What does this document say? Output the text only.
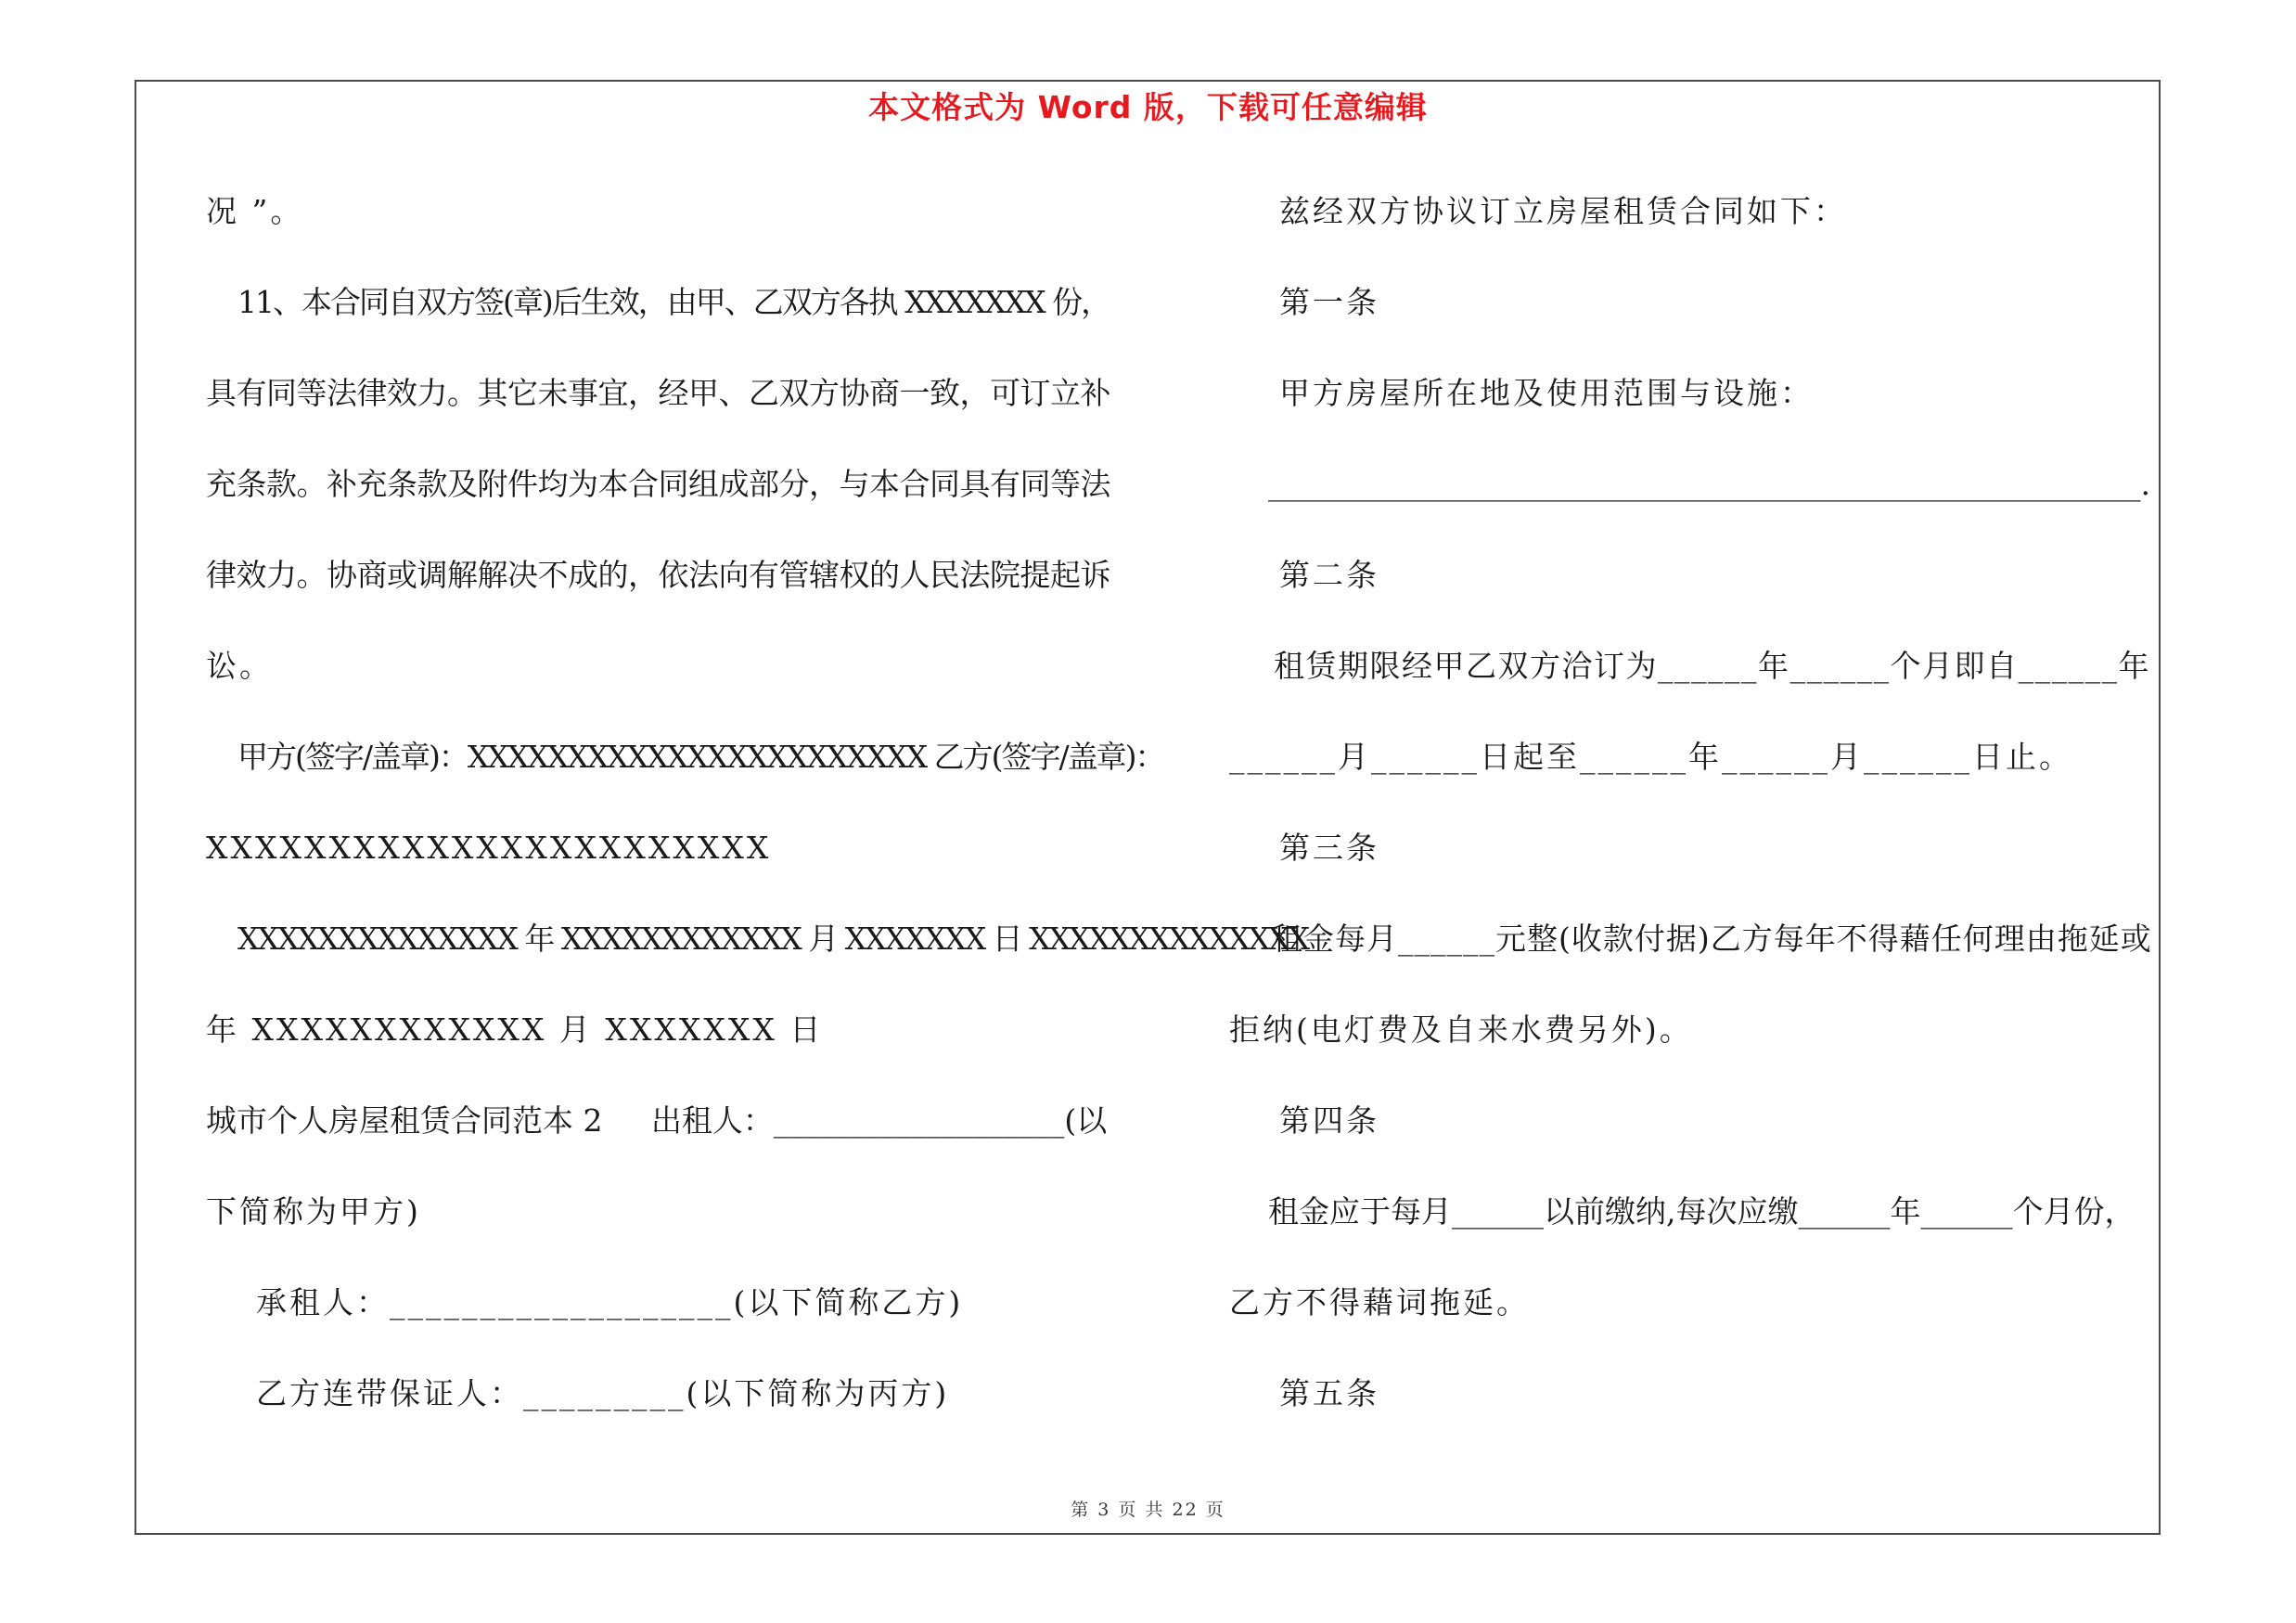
本文格式为 Word 版，下载可任意编辑
况 ”。
11、本合同自双方签(章)后生效，由甲、乙双方各执 XXXXXXX 份，
具有同等法律效力。其它未事宜，经甲、乙双方协商一致，可订立补
充条款。补充条款及附件均为本合同组成部分，与本合同具有同等法
律效力。协商或调解解决不成的，依法向有管辖权的人民法院提起诉
讼。
甲方(签字/盖章)：XXXXXXXXXXXXXXXXXXXXXXX 乙方(签字/盖章)：
XXXXXXXXXXXXXXXXXXXXXXX
XXXXXXXXXXXXXX 年 XXXXXXXXXXXX 月 XXXXXXX 日 XXXXXXXXXXXXXX
年 XXXXXXXXXXXX 月 XXXXXXX 日
城市个人房屋租赁合同范本 2     出租人：___________________(以
下简称为甲方)
承租人：___________________(以下简称乙方)
乙方连带保证人：_________(以下简称为丙方)
兹经双方协议订立房屋租赁合同如下：
第一条
甲方房屋所在地及使用范围与设施：
_________________________________________________________.
第二条
租赁期限经甲乙双方洽订为______年______个月即自______年
______月______日起至______年______月______日止。
第三条
租金每月______元整(收款付据)乙方每年不得藉任何理由拖延或
拒纳(电灯费及自来水费另外)。
第四条
租金应于每月______以前缴纳,每次应缴______年______个月份，
乙方不得藉词拖延。
第五条
第 3 页 共 22 页
